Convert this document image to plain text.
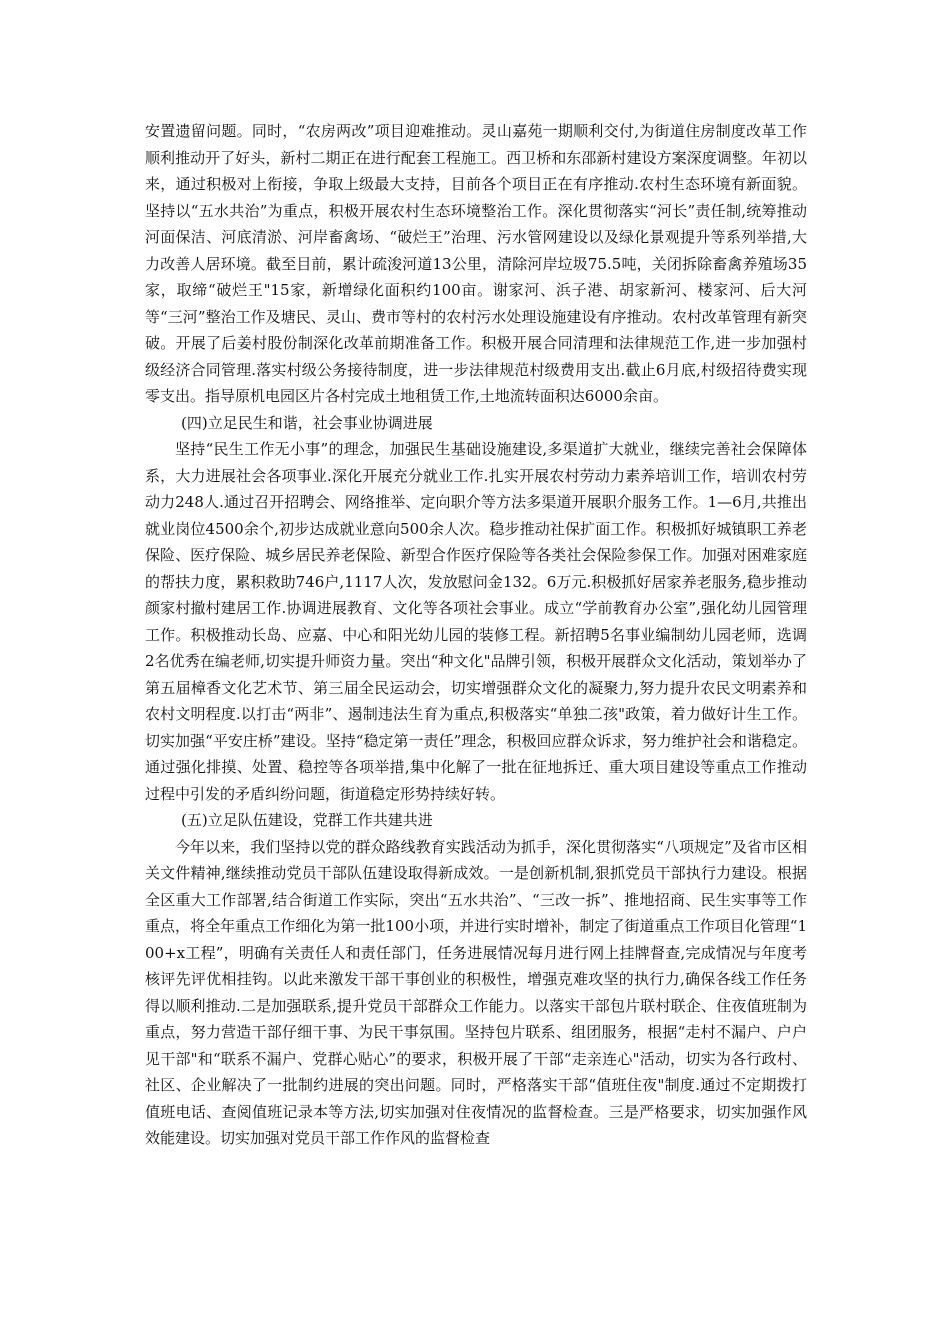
安置遗留问题。同时，“农房两改”项目迎难推动。灵山嘉苑一期顺利交付,为街道住房制度改革工作顺利推动开了好头，新村二期正在进行配套工程施工。西卫桥和东邵新村建设方案深度调整。年初以来，通过积极对上衔接，争取上级最大支持，目前各个项目正在有序推动.农村生态环境有新面貌。坚持以“五水共治”为重点，积极开展农村生态环境整治工作。深化贯彻落实“河长”责任制,统筹推动河面保洁、河底清淤、河岸畜禽场、“破烂王”治理、污水管网建设以及绿化景观提升等系列举措,大力改善人居环境。截至目前，累计疏浚河道13公里，清除河岸垃圾75.5吨，关闭拆除畜禽养殖场35家，取缔“破烂王"15家，新增绿化面积约100亩。谢家河、浜子港、胡家新河、楼家河、后大河等“三河”整治工作及塘民、灵山、费市等村的农村污水处理设施建设有序推动。农村改革管理有新突破。开展了后姜村股份制深化改革前期准备工作。积极开展合同清理和法律规范工作,进一步加强村级经济合同管理.落实村级公务接待制度，进一步法律规范村级费用支出.截止6月底,村级招待费实现零支出。指导原机电园区片各村完成土地租赁工作,土地流转面积达6000余亩。

(四)立足民生和谐，社会事业协调进展

坚持“民生工作无小事”的理念，加强民生基础设施建设,多渠道扩大就业，继续完善社会保障体系，大力进展社会各项事业.深化开展充分就业工作.扎实开展农村劳动力素养培训工作，培训农村劳动力248人.通过召开招聘会、网络推举、定向职介等方法多渠道开展职介服务工作。1—6月,共推出就业岗位4500余个,初步达成就业意向500余人次。稳步推动社保扩面工作。积极抓好城镇职工养老保险、医疗保险、城乡居民养老保险、新型合作医疗保险等各类社会保险参保工作。加强对困难家庭的帮扶力度，累积救助746户,1117人次，发放慰问金132。6万元.积极抓好居家养老服务,稳步推动颜家村撤村建居工作.协调进展教育、文化等各项社会事业。成立“学前教育办公室”,强化幼儿园管理工作。积极推动长岛、应嘉、中心和阳光幼儿园的装修工程。新招聘5名事业编制幼儿园老师，选调2名优秀在编老师,切实提升师资力量。突出“种文化"品牌引领，积极开展群众文化活动，策划举办了第五届樟香文化艺术节、第三届全民运动会，切实增强群众文化的凝聚力,努力提升农民文明素养和农村文明程度.以打击“两非”、遏制违法生育为重点,积极落实“单独二孩"政策，着力做好计生工作。切实加强“平安庄桥”建设。坚持“稳定第一责任”理念，积极回应群众诉求，努力维护社会和谐稳定。通过强化排摸、处置、稳控等各项举措,集中化解了一批在征地拆迁、重大项目建设等重点工作推动过程中引发的矛盾纠纷问题，街道稳定形势持续好转。

(五)立足队伍建设，党群工作共建共进

今年以来，我们坚持以党的群众路线教育实践活动为抓手，深化贯彻落实“八项规定”及省市区相关文件精神,继续推动党员干部队伍建设取得新成效。一是创新机制,狠抓党员干部执行力建设。根据全区重大工作部署,结合街道工作实际，突出“五水共治”、“三改一拆”、推地招商、民生实事等工作重点，将全年重点工作细化为第一批100小项，并进行实时增补，制定了街道重点工作项目化管理“100+x工程”，明确有关责任人和责任部门，任务进展情况每月进行网上挂牌督查,完成情况与年度考核评先评优相挂钩。以此来激发干部干事创业的积极性，增强克难攻坚的执行力,确保各线工作任务得以顺利推动.二是加强联系,提升党员干部群众工作能力。以落实干部包片联村联企、住夜值班制为重点，努力营造干部仔细干事、为民干事氛围。坚持包片联系、组团服务，根据“走村不漏户、户户见干部"和“联系不漏户、党群心贴心”的要求，积极开展了干部“走亲连心"活动，切实为各行政村、社区、企业解决了一批制约进展的突出问题。同时，严格落实干部“值班住夜"制度.通过不定期拨打值班电话、查阅值班记录本等方法,切实加强对住夜情况的监督检查。三是严格要求，切实加强作风效能建设。切实加强对党员干部工作作风的监督检查
